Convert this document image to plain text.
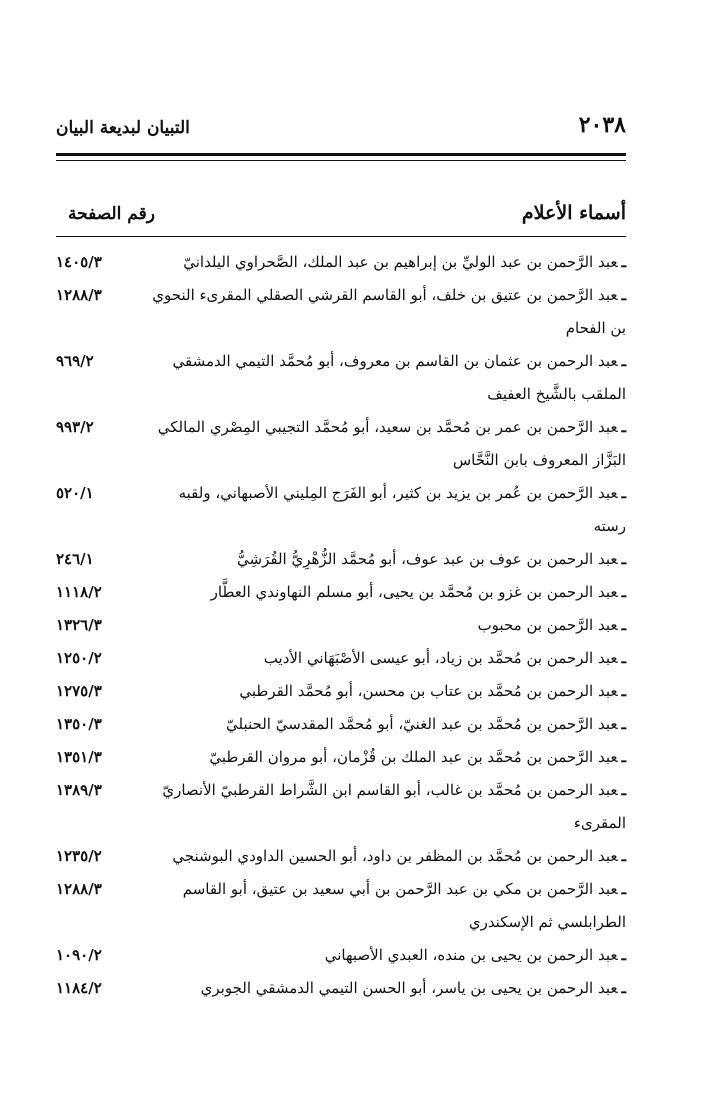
٢٠٣٨
التبيان لبديعة البيان
أسماء الأعلام
رقم الصفحة
ـعبد الرَّحمن بن عبد الوليِّ بن إبراهيم بن عبد الملك، الصَّحراوي اليلدانيّ
١٤٠٥/٣
ـعبد الرَّحمن بن عتيق بن خلف، أبو القاسم القرشي الصقلي المقرىء النحوي بن الفحام
١٢٨٨/٣
ـعبد الرحمن بن عثمان بن القاسم بن معروف، أبو مُحمَّد التيمي الدمشقي الملقب بالشَّيخ العفيف
٩٦٩/٢
ـعبد الرَّحمن بن عمر بن مُحمَّد بن سعيد، أبو مُحمَّد التجيبي المِصْري المالكي البَزَّاز المعروف بابن النَّحَّاس
٩٩٣/٢
ـعبد الرَّحمن بن عُمر بن يزيد بن كثير، أبو الفَرَج المِليني الأصبهاني، ولقبه رسته
٥٢٠/١
ـعبد الرحمن بن عوف بن عبد عوف، أبو مُحمَّد الزُّهْرِيُّ القُرَشِيُّ
٢٤٦/١
ـعبد الرحمن بن غزو بن مُحمَّد بن يحيى، أبو مسلم النهاوندي العطَّار
١١١٨/٢
ـعبد الرَّحمن بن محبوب
١٣٢٦/٣
ـعبد الرحمن بن مُحمَّد بن زياد، أبو عيسى الأصْبَهَاني الأديب
١٢٥٠/٢
ـعبد الرحمن بن مُحمَّد بن عتاب بن محسن، أبو مُحمَّد القرطبي
١٢٧٥/٣
ـعبد الرَّحمن بن مُحمَّد بن عبد الغنيّ، أبو مُحمَّد المقدسيّ الحنبليّ
١٣٥٠/٣
ـعبد الرَّحمن بن مُحمَّد بن عبد الملك بن قُزْمان، أبو مروان القرطبيّ
١٣٥١/٣
ـعبد الرحمن بن مُحمَّد بن غالب، أبو القاسم ابن الشَّراط القرطبيّ الأنصاريّ المقرىء
١٣٨٩/٣
ـعبد الرحمن بن مُحمَّد بن المظفر بن داود، أبو الحسين الداودي البوشنجي
١٢٣٥/٢
ـعبد الرَّحمن بن مكي بن عبد الرَّحمن بن أبي سعيد بن عتيق، أبو القاسم الطرابلسي ثم الإسكندري
١٢٨٨/٣
ـعبد الرحمن بن يحيى بن منده، العبدي الأصبهاني
١٠٩٠/٢
ـعبد الرحمن بن يحيى بن ياسر، أبو الحسن التيمي الدمشقي الجوبري
١١٨٤/٢
